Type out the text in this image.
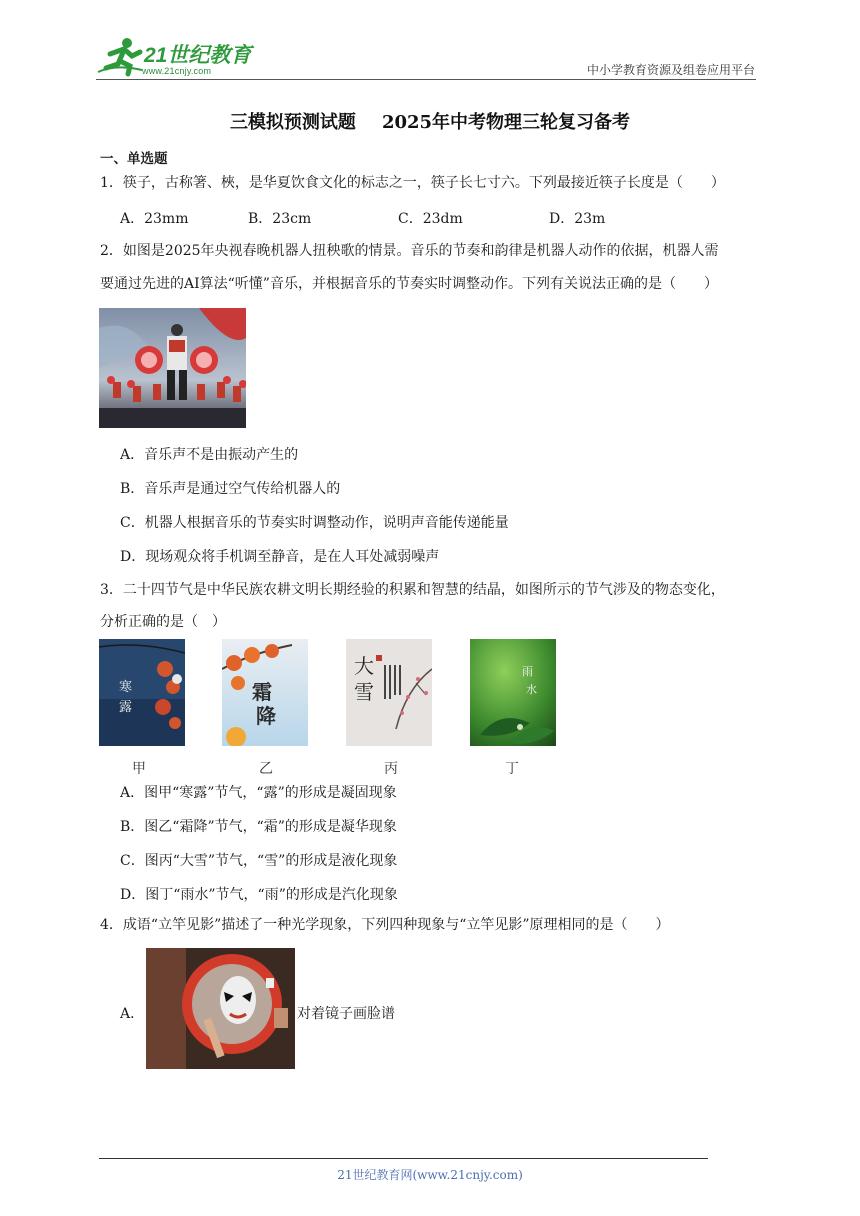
21世纪教育
www.21cnjy.com	中小学教育资源及组卷应用平台
三模拟预测试题 2025年中考物理三轮复习备考
一、单选题
1．筷子，古称箸、梜，是华夏饮食文化的标志之一，筷子长七寸六。下列最接近筷子长度是（　　）
A．23mm	B．23cm	C．23dm	D．23m
2．如图是2025年央视春晚机器人扭秧歌的情景。音乐的节奏和韵律是机器人动作的依据，机器人需
要通过先进的AI算法“听懂”音乐，并根据音乐的节奏实时调整动作。下列有关说法正确的是（　　）
A．音乐声不是由振动产生的
B．音乐声是通过空气传给机器人的
C．机器人根据音乐的节奏实时调整动作，说明声音能传递能量
D．现场观众将手机调至静音，是在人耳处减弱噪声
3．二十四节气是中华民族农耕文明长期经验的积累和智慧的结晶，如图所示的节气涉及的物态变化，
分析正确的是（　）
寒
露
霜
降
大
雪
雨
水
甲	乙	丙	丁
A．图甲“寒露”节气，“露”的形成是凝固现象
B．图乙“霜降”节气，“霜”的形成是凝华现象
C．图丙“大雪”节气，“雪”的形成是液化现象
D．图丁“雨水”节气，“雨”的形成是汽化现象
4．成语“立竿见影”描述了一种光学现象，下列四种现象与“立竿见影”原理相同的是（　　）
A．	对着镜子画脸谱
21世纪教育网(www.21cnjy.com)
